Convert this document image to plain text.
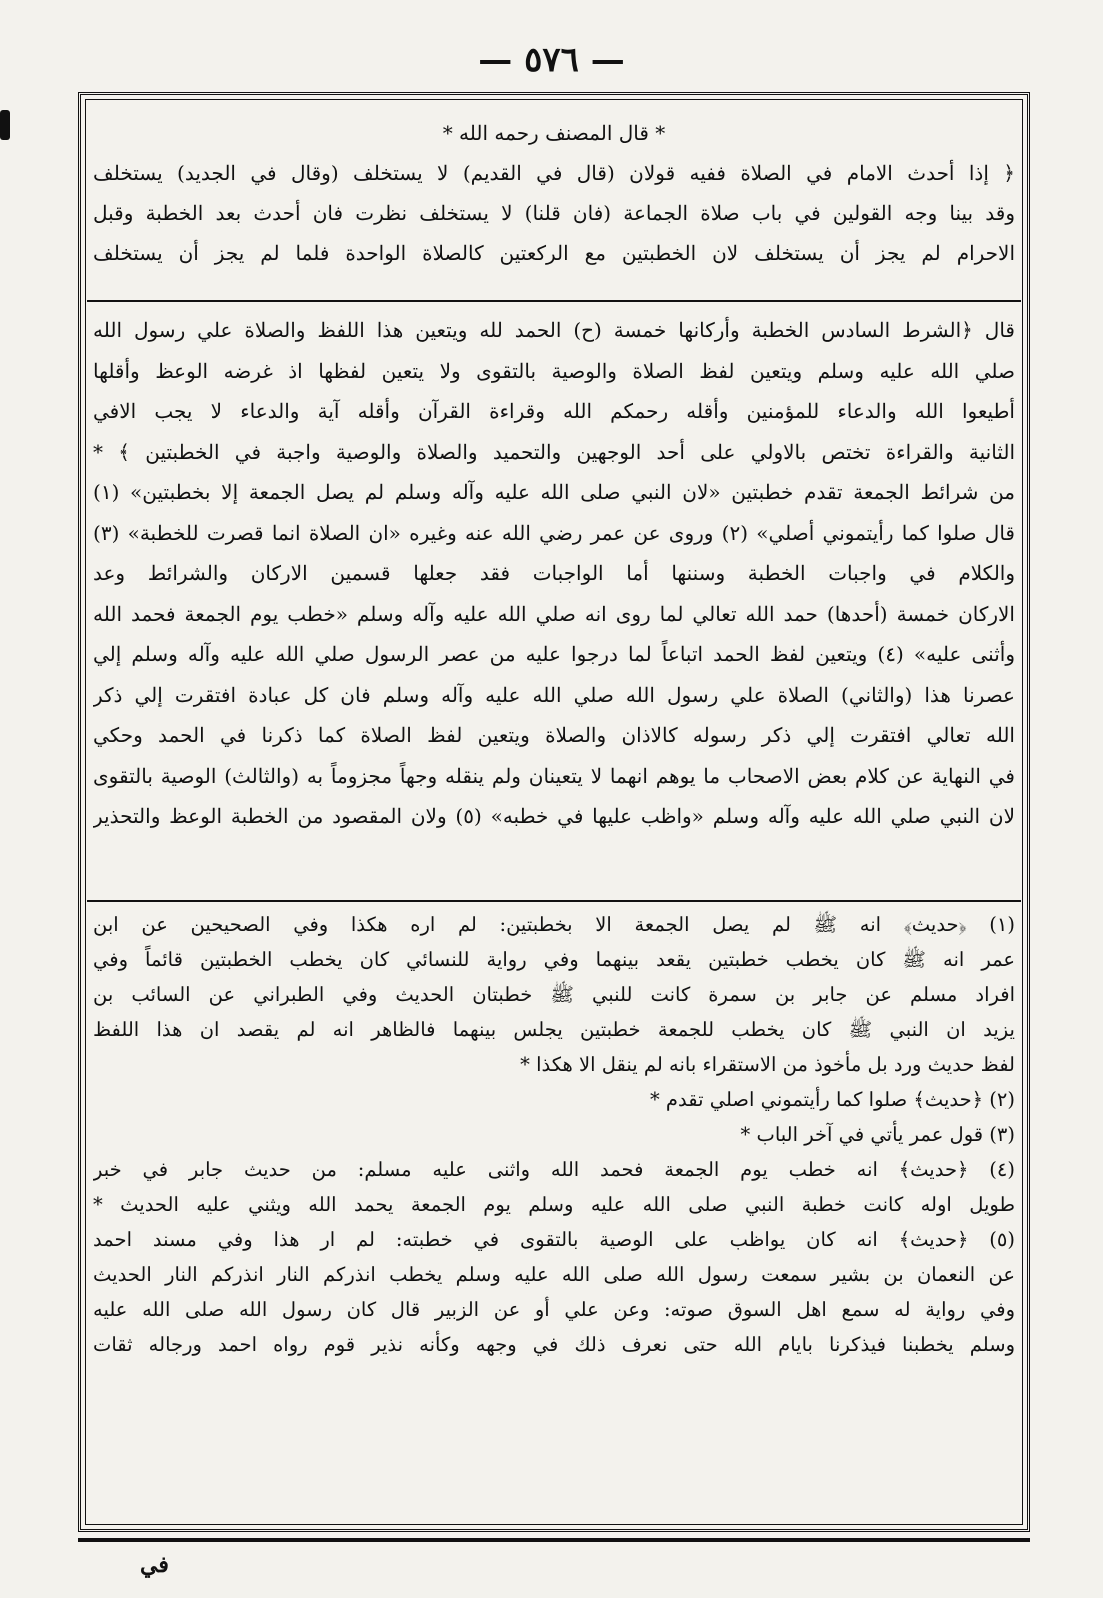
— ٥٧٦ —
* قال المصنف رحمه الله *
﴿ إذا أحدث الامام في الصلاة ففيه قولان (قال في القديم) لا يستخلف (وقال في الجديد) يستخلف
وقد بينا وجه القولين في باب صلاة الجماعة (فان قلنا) لا يستخلف نظرت فان أحدث بعد الخطبة وقبل
الاحرام لم يجز أن يستخلف لان الخطبتين مع الركعتين كالصلاة الواحدة فلما لم يجز أن يستخلف
قال ﴿الشرط السادس الخطبة وأركانها خمسة (ح) الحمد لله ويتعين هذا اللفظ والصلاة علي رسول الله
صلي الله عليه وسلم ويتعين لفظ الصلاة والوصية بالتقوى ولا يتعين لفظها اذ غرضه الوعظ وأقلها
أطيعوا الله والدعاء للمؤمنين وأقله رحمكم الله وقراءة القرآن وأقله آية والدعاء لا يجب الافي
الثانية والقراءة تختص بالاولي على أحد الوجهين والتحميد والصلاة والوصية واجبة في الخطبتين ﴾ *
من شرائط الجمعة تقدم خطبتين «لان النبي صلى الله عليه وآله وسلم لم يصل الجمعة إلا بخطبتين» (١)
قال صلوا كما رأيتموني أصلي» (٢) وروى عن عمر رضي الله عنه وغيره «ان الصلاة انما قصرت للخطبة» (٣)
والكلام في واجبات الخطبة وسننها أما الواجبات فقد جعلها قسمين الاركان والشرائط وعد
الاركان خمسة (أحدها) حمد الله تعالي لما روى انه صلي الله عليه وآله وسلم «خطب يوم الجمعة فحمد الله
وأثنى عليه» (٤) ويتعين لفظ الحمد اتباعاً لما درجوا عليه من عصر الرسول صلي الله عليه وآله وسلم إلي
عصرنا هذا (والثاني) الصلاة علي رسول الله صلي الله عليه وآله وسلم فان كل عبادة افتقرت إلي ذكر
الله تعالي افتقرت إلي ذكر رسوله كالاذان والصلاة ويتعين لفظ الصلاة كما ذكرنا في الحمد وحكي
في النهاية عن كلام بعض الاصحاب ما يوهم انهما لا يتعينان ولم ينقله وجهاً مجزوماً به (والثالث) الوصية بالتقوى
لان النبي صلي الله عليه وآله وسلم «واظب عليها في خطبه» (٥) ولان المقصود من الخطبة الوعظ والتحذير
(١) ﴿حديث﴾ انه ﷺ لم يصل الجمعة الا بخطبتين: لم اره هكذا وفي الصحيحين عن ابن
عمر انه ﷺ كان يخطب خطبتين يقعد بينهما وفي رواية للنسائي كان يخطب الخطبتين قائماً وفي
افراد مسلم عن جابر بن سمرة كانت للنبي ﷺ خطبتان الحديث وفي الطبراني عن السائب بن
يزيد ان النبي ﷺ كان يخطب للجمعة خطبتين يجلس بينهما فالظاهر انه لم يقصد ان هذا اللفظ
لفظ حديث ورد بل مأخوذ من الاستقراء بانه لم ينقل الا هكذا *
(٢) ﴿حديث﴾ صلوا كما رأيتموني اصلي تقدم *
(٣) قول عمر يأتي في آخر الباب *
(٤) ﴿حديث﴾ انه خطب يوم الجمعة فحمد الله واثنى عليه مسلم: من حديث جابر في خبر
طويل اوله كانت خطبة النبي صلى الله عليه وسلم يوم الجمعة يحمد الله ويثني عليه الحديث *
(٥) ﴿حديث﴾ انه كان يواظب على الوصية بالتقوى في خطبته: لم ار هذا وفي مسند احمد
عن النعمان بن بشير سمعت رسول الله صلى الله عليه وسلم يخطب انذركم النار انذركم النار الحديث
وفي رواية له سمع اهل السوق صوته: وعن علي أو عن الزبير قال كان رسول الله صلى الله عليه
وسلم يخطبنا فيذكرنا بايام الله حتى نعرف ذلك في وجهه وكأنه نذير قوم رواه احمد ورجاله ثقات
في
